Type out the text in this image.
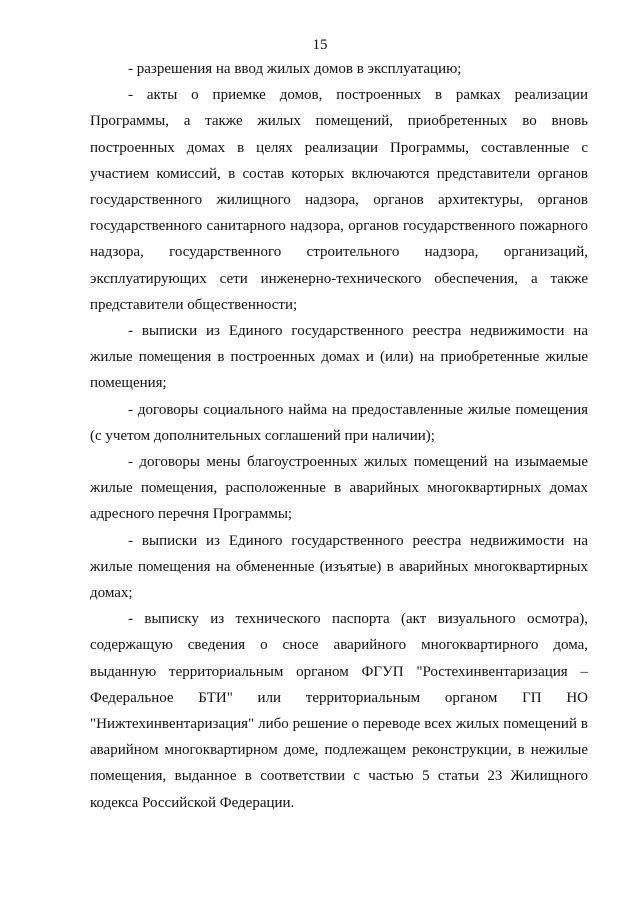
15

- разрешения на ввод жилых домов в эксплуатацию;

- акты о приемке домов, построенных в рамках реализации Программы, а также жилых помещений, приобретенных во вновь построенных домах в целях реализации Программы, составленные с участием комиссий, в состав которых включаются представители органов государственного жилищного надзора, органов архитектуры, органов государственного санитарного надзора, органов государственного пожарного надзора, государственного строительного надзора, организаций, эксплуатирующих сети инженерно-технического обеспечения, а также представители общественности;

- выписки из Единого государственного реестра недвижимости на жилые помещения в построенных домах и (или) на приобретенные жилые помещения;

- договоры социального найма на предоставленные жилые помещения (с учетом дополнительных соглашений при наличии);

- договоры мены благоустроенных жилых помещений на изымаемые жилые помещения, расположенные в аварийных многоквартирных домах адресного перечня Программы;

- выписки из Единого государственного реестра недвижимости на жилые помещения на обмененные (изъятые) в аварийных многоквартирных домах;

- выписку из технического паспорта (акт визуального осмотра), содержащую сведения о сносе аварийного многоквартирного дома, выданную территориальным органом ФГУП "Ростехинвентаризация – Федеральное БТИ" или территориальным органом ГП НО "Нижтехинвентаризация" либо решение о переводе всех жилых помещений в аварийном многоквартирном доме, подлежащем реконструкции, в нежилые помещения, выданное в соответствии с частью 5 статьи 23 Жилищного кодекса Российской Федерации.
